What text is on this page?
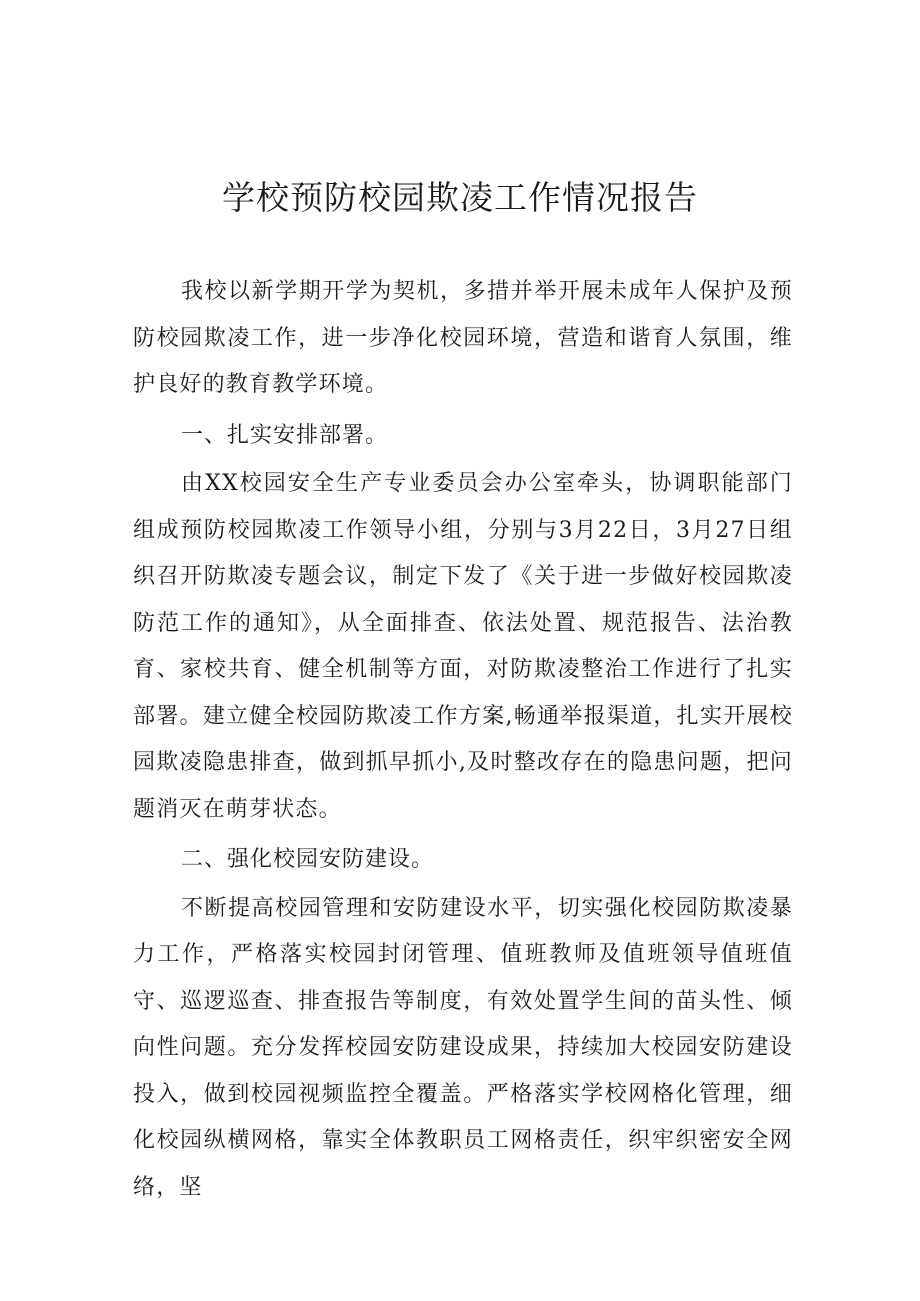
学校预防校园欺凌工作情况报告

我校以新学期开学为契机，多措并举开展未成年人保护及预防校园欺凌工作，进一步净化校园环境，营造和谐育人氛围，维护良好的教育教学环境。

一、扎实安排部署。

由XX校园安全生产专业委员会办公室牵头，协调职能部门组成预防校园欺凌工作领导小组，分别与3月22日，3月27日组织召开防欺凌专题会议，制定下发了《关于进一步做好校园欺凌防范工作的通知》，从全面排查、依法处置、规范报告、法治教育、家校共育、健全机制等方面，对防欺凌整治工作进行了扎实部署。建立健全校园防欺凌工作方案,畅通举报渠道，扎实开展校园欺凌隐患排查，做到抓早抓小,及时整改存在的隐患问题，把问题消灭在萌芽状态。

二、强化校园安防建设。

不断提高校园管理和安防建设水平，切实强化校园防欺凌暴力工作，严格落实校园封闭管理、值班教师及值班领导值班值守、巡逻巡查、排查报告等制度，有效处置学生间的苗头性、倾向性问题。充分发挥校园安防建设成果，持续加大校园安防建设投入，做到校园视频监控全覆盖。严格落实学校网格化管理，细化校园纵横网格，靠实全体教职员工网格责任，织牢织密安全网络，坚
